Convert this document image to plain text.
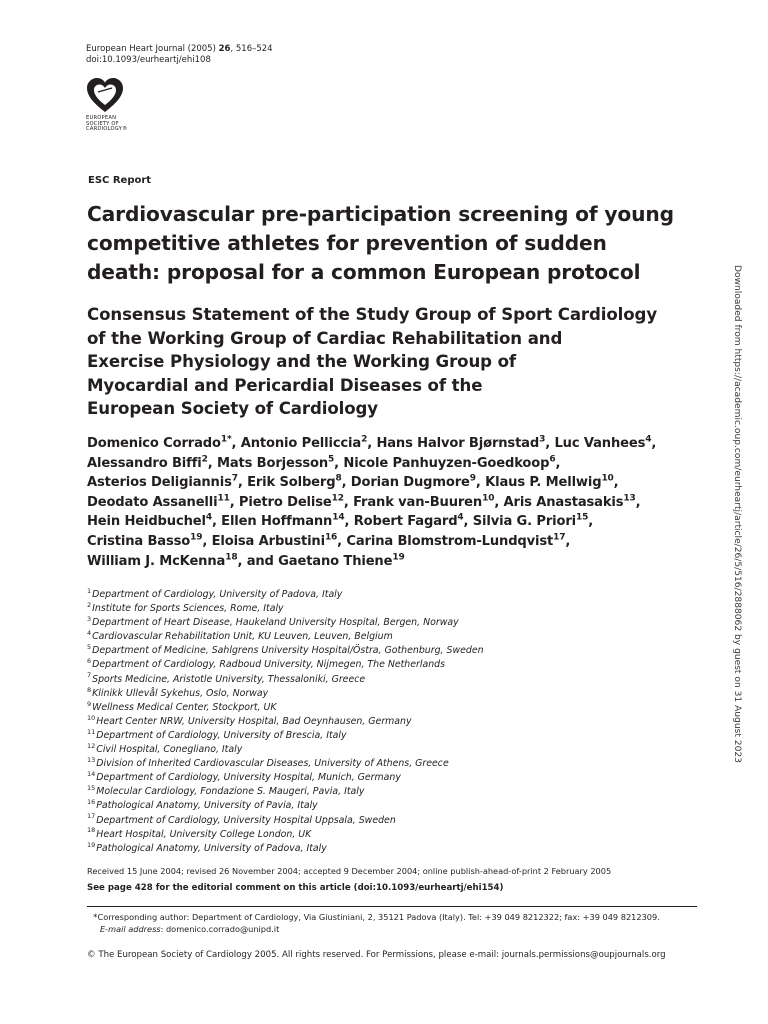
European Heart Journal (2005) 26, 516–524
doi:10.1093/eurheartj/ehi108
EUROPEAN
SOCIETY OF
CARDIOLOGY®
ESC Report
Cardiovascular pre-participation screening of young
competitive athletes for prevention of sudden
death: proposal for a common European protocol
Consensus Statement of the Study Group of Sport Cardiology
of the Working Group of Cardiac Rehabilitation and
Exercise Physiology and the Working Group of
Myocardial and Pericardial Diseases of the
European Society of Cardiology
Domenico Corrado$^{1*}$, Antonio Pelliccia$^2$, Hans Halvor Bjørnstad$^3$, Luc Vanhees$^4$,
Alessandro Biffi$^2$, Mats Borjesson$^5$, Nicole Panhuyzen-Goedkoop$^6$,
Asterios Deligiannis$^7$, Erik Solberg$^8$, Dorian Dugmore$^9$, Klaus P. Mellwig$^{10}$,
Deodato Assanelli$^{11}$, Pietro Delise$^{12}$, Frank van-Buuren$^{10}$, Aris Anastasakis$^{13}$,
Hein Heidbuchel$^4$, Ellen Hoffmann$^{14}$, Robert Fagard$^4$, Silvia G. Priori$^{15}$,
Cristina Basso$^{19}$, Eloisa Arbustini$^{16}$, Carina Blomstrom-Lundqvist$^{17}$,
William J. McKenna$^{18}$, and Gaetano Thiene$^{19}$
$^1$Department of Cardiology, University of Padova, Italy
$^2$Institute for Sports Sciences, Rome, Italy
$^3$Department of Heart Disease, Haukeland University Hospital, Bergen, Norway
$^4$Cardiovascular Rehabilitation Unit, KU Leuven, Leuven, Belgium
$^5$Department of Medicine, Sahlgrens University Hospital/Östra, Gothenburg, Sweden
$^6$Department of Cardiology, Radboud University, Nijmegen, The Netherlands
$^7$Sports Medicine, Aristotle University, Thessaloniki, Greece
$^8$Klinikk Ullevål Sykehus, Oslo, Norway
$^9$Wellness Medical Center, Stockport, UK
$^{10}$Heart Center NRW, University Hospital, Bad Oeynhausen, Germany
$^{11}$Department of Cardiology, University of Brescia, Italy
$^{12}$Civil Hospital, Conegliano, Italy
$^{13}$Division of Inherited Cardiovascular Diseases, University of Athens, Greece
$^{14}$Department of Cardiology, University Hospital, Munich, Germany
$^{15}$Molecular Cardiology, Fondazione S. Maugeri, Pavia, Italy
$^{16}$Pathological Anatomy, University of Pavia, Italy
$^{17}$Department of Cardiology, University Hospital Uppsala, Sweden
$^{18}$Heart Hospital, University College London, UK
$^{19}$Pathological Anatomy, University of Padova, Italy
Received 15 June 2004; revised 26 November 2004; accepted 9 December 2004; online publish-ahead-of-print 2 February 2005
See page 428 for the editorial comment on this article (doi:10.1093/eurheartj/ehi154)
*Corresponding author: Department of Cardiology, Via Giustiniani, 2, 35121 Padova (Italy). Tel: +39 049 8212322; fax: +39 049 8212309.
E-mail address: domenico.corrado@unipd.it
© The European Society of Cardiology 2005. All rights reserved. For Permissions, please e-mail: journals.permissions@oupjournals.org
Downloaded from https://academic.oup.com/eurheartj/article/26/5/516/2888062 by guest on 31 August 2023
